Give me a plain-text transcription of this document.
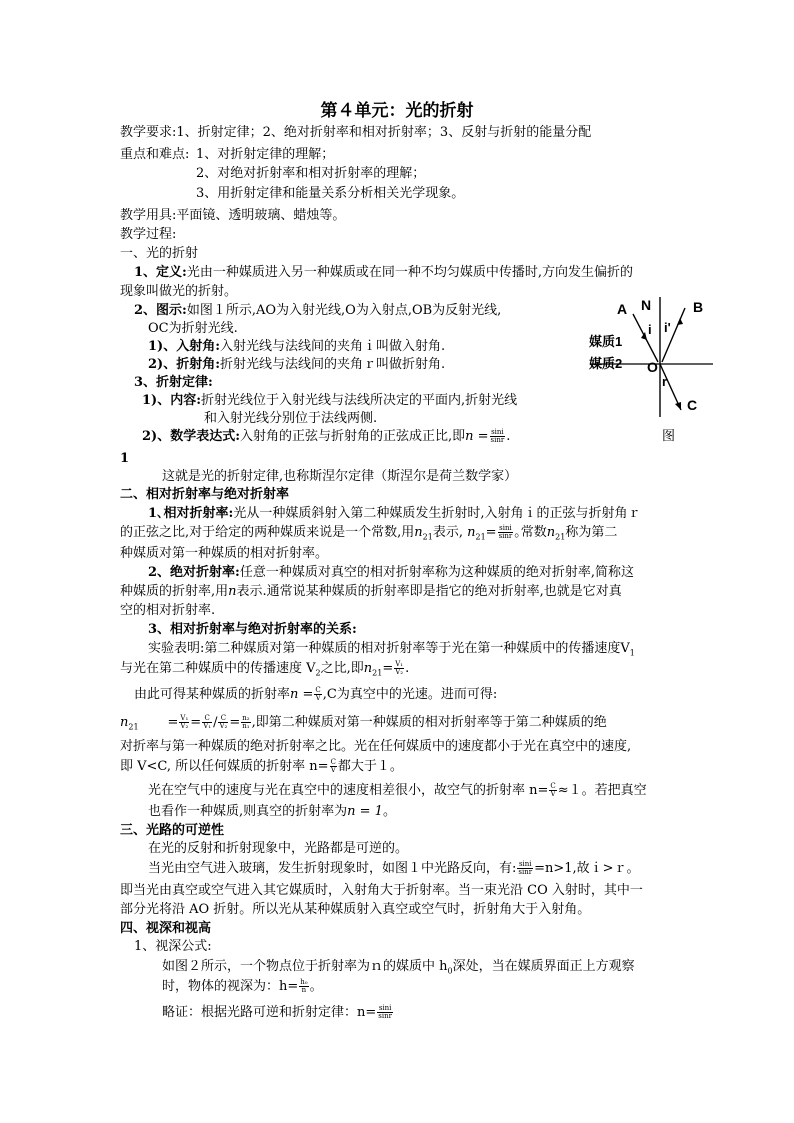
第４单元：光的折射
教学要求:1、折射定律；2、绝对折射率和相对折射率；3、反射与折射的能量分配
重点和难点: 1、对折射定律的理解；
2、对绝对折射率和相对折射率的理解；
3、用折射定律和能量关系分析相关光学现象。
教学用具:平面镜、透明玻璃、蜡烛等。
教学过程:
一、光的折射
1、定义:光由一种媒质进入另一种媒质或在同一种不均匀媒质中传播时,方向发生偏折的
现象叫做光的折射。
2、图示:如图１所示,AO为入射光线,O为入射点,OB为反射光线,
OC为折射光线.
1)、入射角:入射光线与法线间的夹角ｉ叫做入射角.
2)、折射角:折射光线与法线间的夹角ｒ叫做折射角.
3、折射定律:
1)、内容:折射光线位于入射光线与法线所决定的平面内,折射光线
和入射光线分别位于法线两侧.
2)、数学表达式:入射角的正弦与折射角的正弦成正比,即$n = \frac{\sin i}{\sin r}$ .	图
1
这就是光的折射定律,也称斯涅尔定律（斯涅尔是荷兰数学家）
A N	B
i i'
O
r
C
媒质1
媒质2
二、相对折射率与绝对折射率
1､相对折射率:光从一种媒质斜射入第二种媒质发生折射时,入射角ｉ的正弦与折射角ｒ
的正弦之比,对于给定的两种媒质来说是一个常数,用$n_{21}$表示, $n_{21}= \frac{\sin i}{\sin r}$ ｡常数$n_{21}$称为第二
种媒质对第一种媒质的相对折射率。
2、绝对折射率:任意一种媒质对真空的相对折射率称为这种媒质的绝对折射率,简称这
种媒质的折射率,用n表示.通常说某种媒质的折射率即是指它的绝对折射率,也就是它对真
空的相对折射率.
3、相对折射率与绝对折射率的关系:
实验表明:第二种媒质对第一种媒质的相对折射率等于光在第一种媒质中的传播速度$V_1$
与光在第二种媒质中的传播速度 $V_2$之比,即$n_{21}= \frac{\text{V₁}}{\text{V₂}}$ .
由此可得某种媒质的折射率$n = \frac{C}{V} ,C$为真空中的光速。进而可得:
$n_{21} = \frac{\text{V₁}}{\text{V₂}} = \frac{C}{\text{V₁}} / \frac{C}{\text{V₂}} = \frac{\text{n₂}}{\text{n₁}}$ ,即第二种媒质对第一种媒质的相对折射率等于第二种媒质的绝
对折率与第一种媒质的绝对折射率之比。光在任何媒质中的速度都小于光在真空中的速度,
即 V<C, 所以任何媒质的折射率 $n= \frac{C}{V}$ 都大于１。
光在空气中的速度与光在真空中的速度相差很小，故空气的折射率 $n= \frac{C}{V} \approx 1$。若把真空
也看作一种媒质,则真空的折射率为n = 1。
三、光路的可逆性
在光的反射和折射现象中，光路都是可逆的。
当光由空气进入玻璃，发生折射现象时，如图１中光路反向，有: $\frac{\sin i}{\sin r} =n>1$,故ｉ>ｒ。
即当光由真空或空气进入其它媒质时，入射角大于折射率。当一束光沿 CO 入射时，其中一
部分光将沿 AO 折射。所以光从某种媒质射入真空或空气时，折射角大于入射角。
四、视深和视高
1、视深公式:
如图２所示，一个物点位于折射率为ｎ的媒质中 $h_0$深处，当在媒质界面正上方观察
时，物体的视深为：$h= \frac{\text{h₀}}{n}$ 。
略证：根据光路可逆和折射定律：$n= \frac{\sin i}{\sin r}$
